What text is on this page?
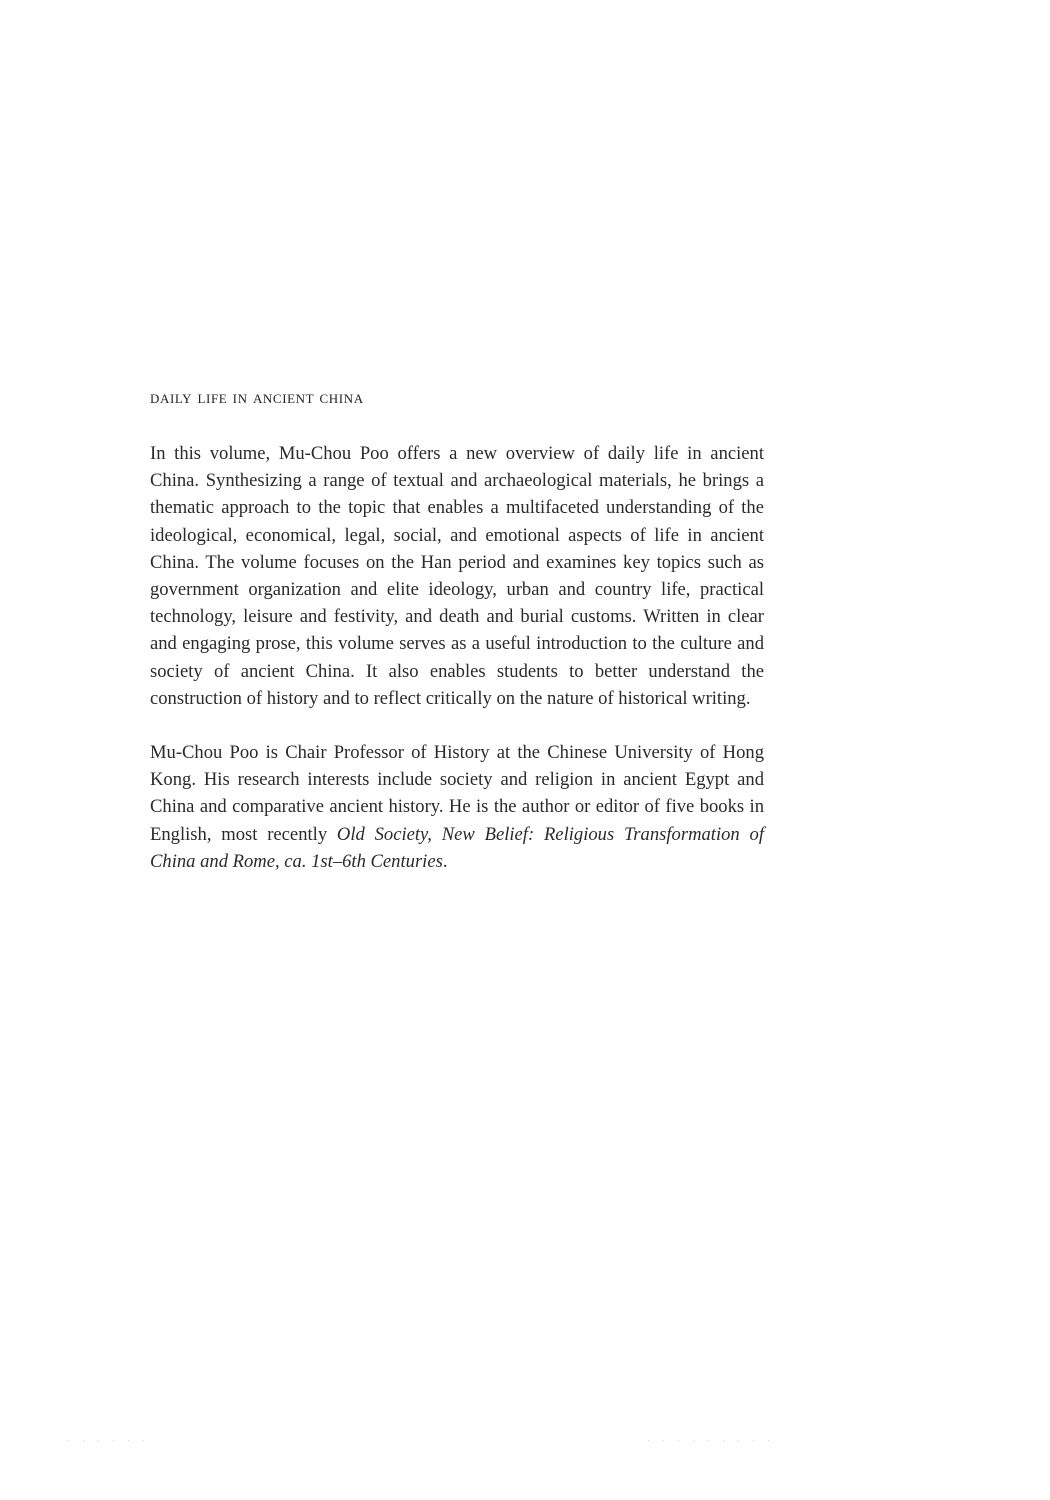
daily life in ancient china

In this volume, Mu-Chou Poo offers a new overview of daily life in ancient China. Synthesizing a range of textual and archaeological materials, he brings a thematic approach to the topic that enables a multifaceted understanding of the ideological, economical, legal, social, and emotional aspects of life in ancient China. The volume focuses on the Han period and examines key topics such as government organization and elite ideology, urban and country life, practical technology, leisure and festivity, and death and burial customs. Written in clear and engaging prose, this volume serves as a useful introduction to the culture and society of ancient China. It also enables students to better understand the construction of history and to reflect critically on the nature of historical writing.

Mu-Chou Poo is Chair Professor of History at the Chinese University of Hong Kong. His research interests include society and religion in ancient Egypt and China and comparative ancient history. He is the author or editor of five books in English, most recently Old Society, New Belief: Religious Transformation of China and Rome, ca. 1st–6th Centuries.

. . . . . .	. . . . . . . . .
